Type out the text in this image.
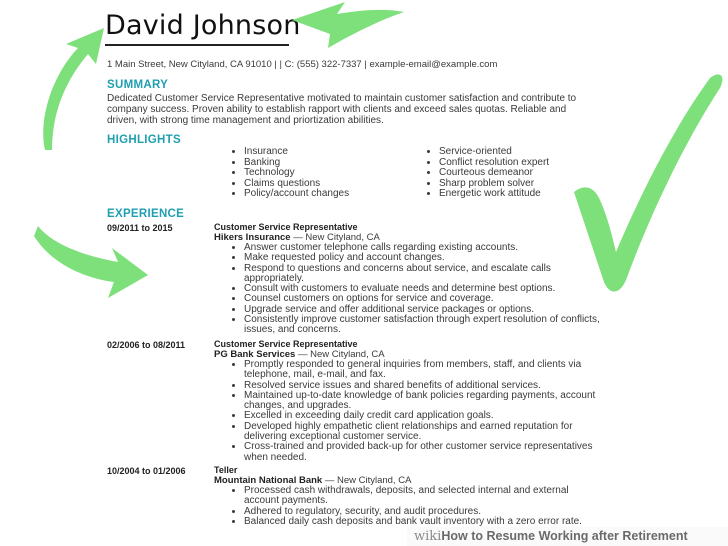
David Johnson
1 Main Street, New Cityland, CA 91010 | | C: (555) 322-7337 | example-email@example.com
SUMMARY
Dedicated Customer Service Representative motivated to maintain customer satisfaction and contribute to company success. Proven ability to establish rapport with clients and exceed sales quotas. Reliable and driven, with strong time management and priortization abilities.
HIGHLIGHTS
• Insurance
• Banking
• Technology
• Claims questions
• Policy/account changes
• Service-oriented
• Conflict resolution expert
• Courteous demeanor
• Sharp problem solver
• Energetic work attitude
EXPERIENCE
09/2011 to 2015	Customer Service Representative
Hikers Insurance — New Cityland, CA
• Answer customer telephone calls regarding existing accounts.
• Make requested policy and account changes.
• Respond to questions and concerns about service, and escalate calls appropriately.
• Consult with customers to evaluate needs and determine best options.
• Counsel customers on options for service and coverage.
• Upgrade service and offer additional service packages or options.
• Consistently improve customer satisfaction through expert resolution of conflicts, issues, and concerns.
02/2006 to 08/2011	Customer Service Representative
PG Bank Services — New Cityland, CA
• Promptly responded to general inquiries from members, staff, and clients via telephone, mail, e-mail, and fax.
• Resolved service issues and shared benefits of additional services.
• Maintained up-to-date knowledge of bank policies regarding payments, account changes, and upgrades.
• Excelled in exceeding daily credit card application goals.
• Developed highly empathetic client relationships and earned reputation for delivering exceptional customer service.
• Cross-trained and provided back-up for other customer service representatives when needed.
10/2004 to 01/2006	Teller
Mountain National Bank — New Cityland, CA
• Processed cash withdrawals, deposits, and selected internal and external account payments.
• Adhered to regulatory, security, and audit procedures.
• Balanced daily cash deposits and bank vault inventory with a zero error rate.
wikiHow to Resume Working after Retirement
